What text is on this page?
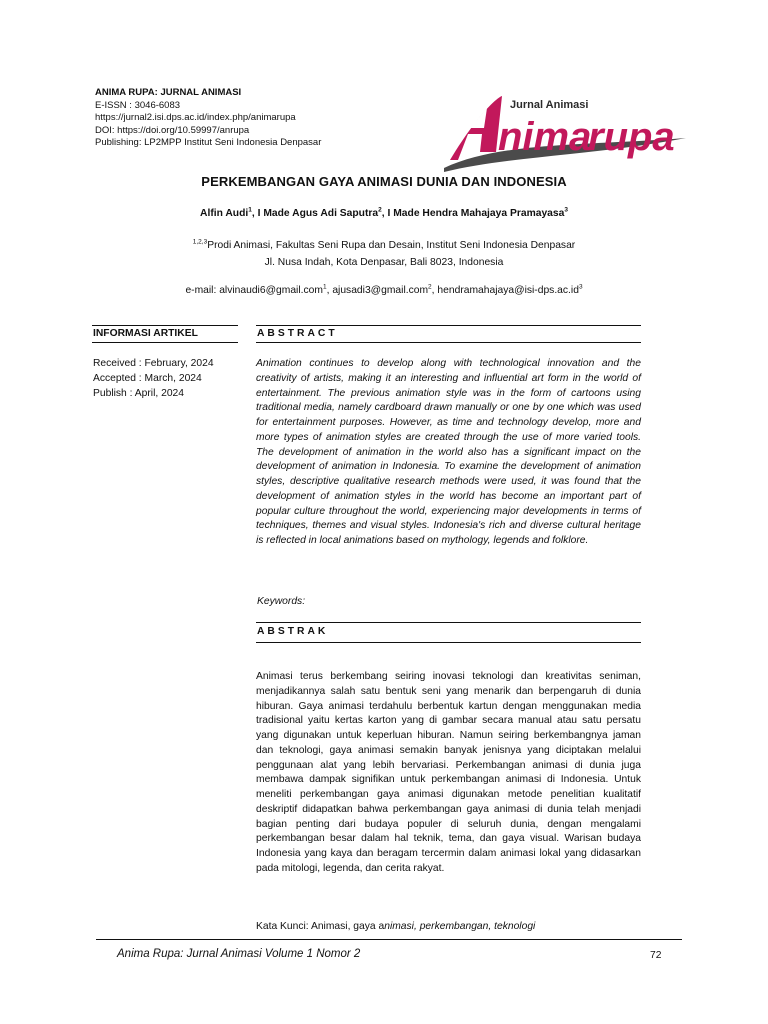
ANIMA RUPA: JURNAL ANIMASI
E-ISSN : 3046-6083
https://jurnal2.isi.dps.ac.id/index.php/animarupa
DOI: https://doi.org/10.59997/anrupa
Publishing: LP2MPP Institut Seni Indonesia Denpasar
Jurnal Animasi
nima
rupa
PERKEMBANGAN GAYA ANIMASI DUNIA DAN INDONESIA
Alfin Audi$^1$, I Made Agus Adi Saputra$^2$, I Made Hendra Mahajaya Pramayasa$^3$
$^{1,2,3}$Prodi Animasi, Fakultas Seni Rupa dan Desain, Institut Seni Indonesia Denpasar
Jl. Nusa Indah, Kota Denpasar, Bali 8023, Indonesia
e-mail: alvinaudi6@gmail.com$^1$, ajusadi3@gmail.com$^2$, $hendramahajaya@isi-dps.ac.id^3$
INFORMASI ARTIKEL
Received : February, 2024
Accepted : March, 2024
Publish : April, 2024
ABSTRACT
Animation continues to develop along with technological innovation and the creativity of artists, making it an interesting and influential art form in the world of entertainment. The previous animation style was in the form of cartoons using traditional media, namely cardboard drawn manually or one by one which was used for entertainment purposes. However, as time and technology develop, more and more types of animation styles are created through the use of more varied tools. The development of animation in the world also has a significant impact on the development of animation in Indonesia. To examine the development of animation styles, descriptive qualitative research methods were used, it was found that the development of animation styles in the world has become an important part of popular culture throughout the world, experiencing major developments in terms of techniques, themes and visual styles. Indonesia's rich and diverse cultural heritage is reflected in local animations based on mythology, legends and folklore.
Keywords:
ABSTRAK
Animasi terus berkembang seiring inovasi teknologi dan kreativitas seniman, menjadikannya salah satu bentuk seni yang menarik dan berpengaruh di dunia hiburan. Gaya animasi terdahulu berbentuk kartun dengan menggunakan media tradisional yaitu kertas karton yang di gambar secara manual atau satu persatu yang digunakan untuk keperluan hiburan. Namun seiring berkembangnya jaman dan teknologi, gaya animasi semakin banyak jenisnya yang diciptakan melalui penggunaan alat yang lebih bervariasi. Perkembangan animasi di dunia juga membawa dampak signifikan untuk perkembangan animasi di Indonesia. Untuk meneliti perkembangan gaya animasi digunakan metode penelitian kualitatif deskriptif didapatkan bahwa perkembangan gaya animasi di dunia telah menjadi bagian penting dari budaya populer di seluruh dunia, dengan mengalami perkembangan besar dalam hal teknik, tema, dan gaya visual. Warisan budaya Indonesia yang kaya dan beragam tercermin dalam animasi lokal yang didasarkan pada mitologi, legenda, dan cerita rakyat.
Kata Kunci: Animasi, gaya animasi, perkembangan, teknologi
Anima Rupa: Jurnal Animasi Volume 1 Nomor 2	72
